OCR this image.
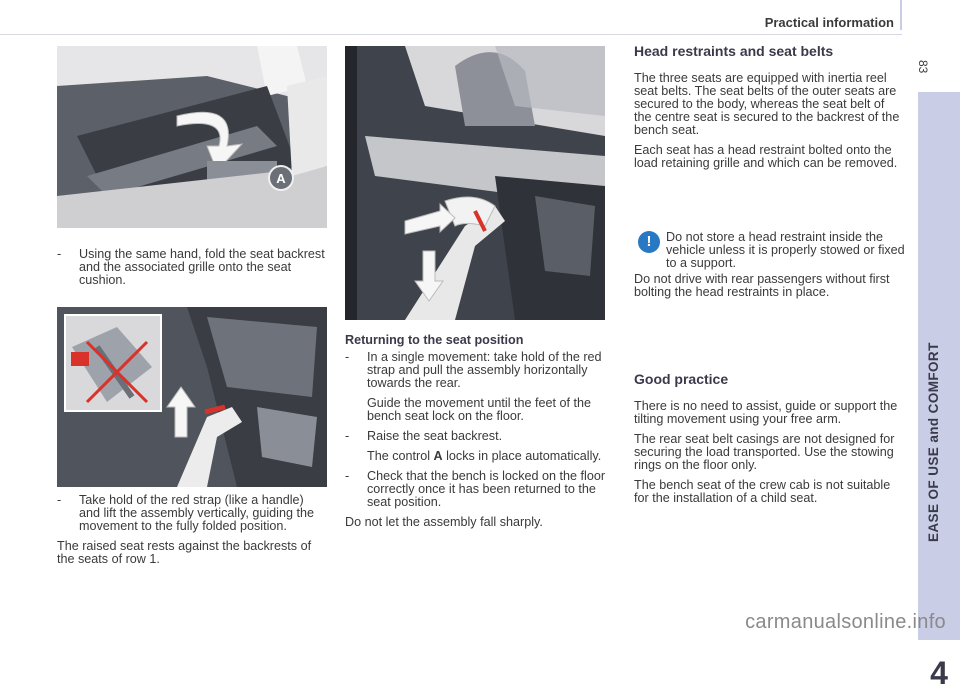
Practical information
83
EASE OF USE and COMFORT
4
A
-	Using the same hand, fold the seat backrest and the associated grille onto the seat cushion.
-	Take hold of the red strap (like a handle) and lift the assembly vertically, guiding the movement to the fully folded position.

The raised seat rests against the backrests of the seats of row 1.

Returning to the seat position
-	In a single movement: take hold of the red strap and pull the assembly horizontally towards the rear.

Guide the movement until the feet of the bench seat lock on the floor.

-	Raise the seat backrest.

The control A locks in place automatically.

-	Check that the bench is locked on the floor correctly once it has been returned to the seat position.

Do not let the assembly fall sharply.

Head restraints and seat belts

The three seats are equipped with inertia reel seat belts. The seat belts of the outer seats are secured to the body, whereas the seat belt of the centre seat is secured to the backrest of the bench seat.

Each seat has a head restraint bolted onto the load retaining grille and which can be removed.

!	Do not store a head restraint inside the vehicle unless it is properly stowed or fixed to a support.
Do not drive with rear passengers without first bolting the head restraints in place.
Good practice

There is no need to assist, guide or support the tilting movement using your free arm.

The rear seat belt casings are not designed for securing the load transported. Use the stowing rings on the floor only.

The bench seat of the crew cab is not suitable for the installation of a child seat.

carmanualsonline.info
